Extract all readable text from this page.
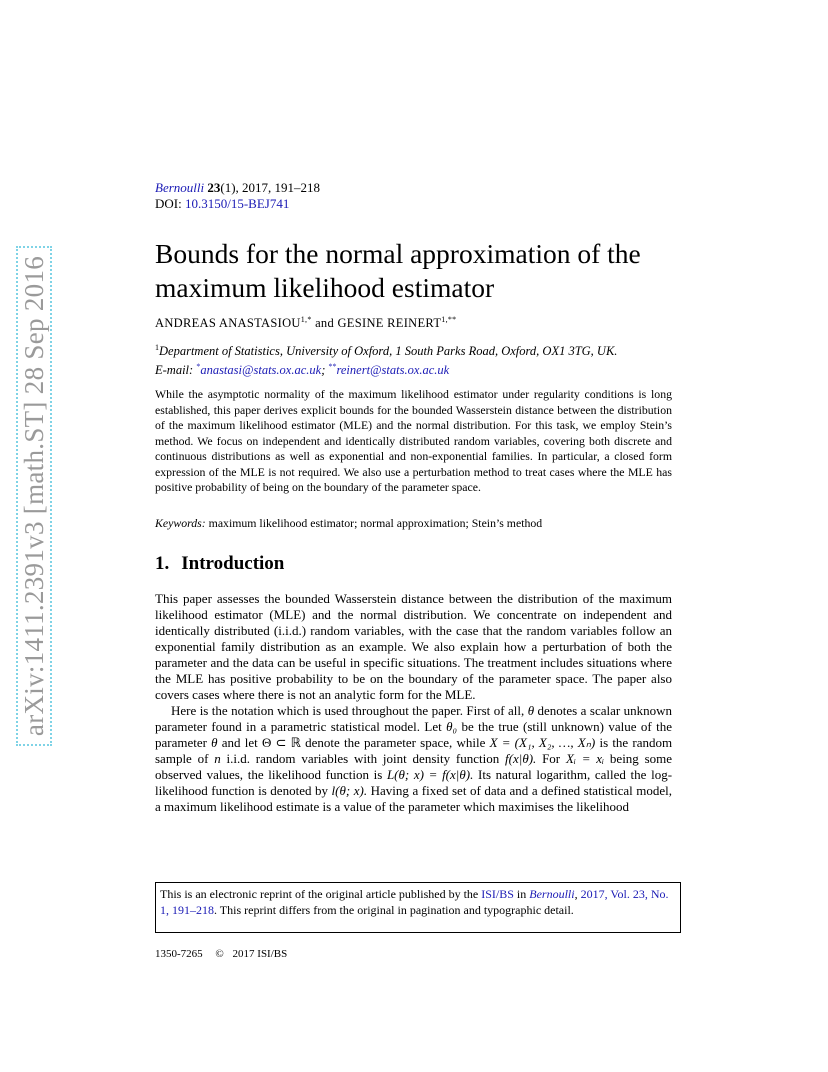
arXiv:1411.2391v3 [math.ST] 28 Sep 2016
Bernoulli 23(1), 2017, 191–218
DOI: 10.3150/15-BEJ741
Bounds for the normal approximation of the
maximum likelihood estimator
ANDREAS $ANASTASIOU^{1,*}$ and GESINE $REINERT^{1,**}$
$^1$Department of Statistics, University of Oxford, 1 South Parks Road, Oxford, OX1 3TG, UK.
E-mail: *anastasi@stats.ox.ac.uk; **reinert@stats.ox.ac.uk
While the asymptotic normality of the maximum likelihood estimator under regularity conditions is long established, this paper derives explicit bounds for the bounded Wasserstein distance between the distribution of the maximum likelihood estimator (MLE) and the normal distribution. For this task, we employ Stein’s method. We focus on independent and identically distributed random variables, covering both discrete and continuous distributions as well as exponential and non-exponential families. In particular, a closed form expression of the MLE is not required. We also use a perturbation method to treat cases where the MLE has positive probability of being on the boundary of the parameter space.
Keywords: maximum likelihood estimator; normal approximation; Stein’s method
1. Introduction

This paper assesses the bounded Wasserstein distance between the distribution of the maximum likelihood estimator (MLE) and the normal distribution. We concentrate on independent and identically distributed (i.i.d.) random variables, with the case that the random variables follow an exponential family distribution as an example. We also explain how a perturbation of both the parameter and the data can be useful in specific situations. The treatment includes situations where the MLE has positive probability to be on the boundary of the parameter space. The paper also covers cases where there is not an analytic form for the MLE.

Here is the notation which is used throughout the paper. First of all, θ denotes a scalar unknown parameter found in a parametric statistical model. Let θ₀ be the true (still unknown) value of the parameter θ and let Θ ⊂ ℝ denote the parameter space, while X = (X₁, X₂, …, Xₙ) is the random sample of n i.i.d. random variables with joint density function f(x|θ). For Xᵢ = xᵢ being some observed values, the likelihood function is L(θ; x) = f(x|θ). Its natural logarithm, called the log-likelihood function is denoted by l(θ; x). Having a fixed set of data and a defined statistical model, a maximum likelihood estimate is a value of the parameter which maximises the likelihood

This is an electronic reprint of the original article published by the ISI/BS in Bernoulli, 2017, Vol. 23, No. 1, 191–218. This reprint differs from the original in pagination and typographic detail.
1350-7265 © 2017 ISI/BS
